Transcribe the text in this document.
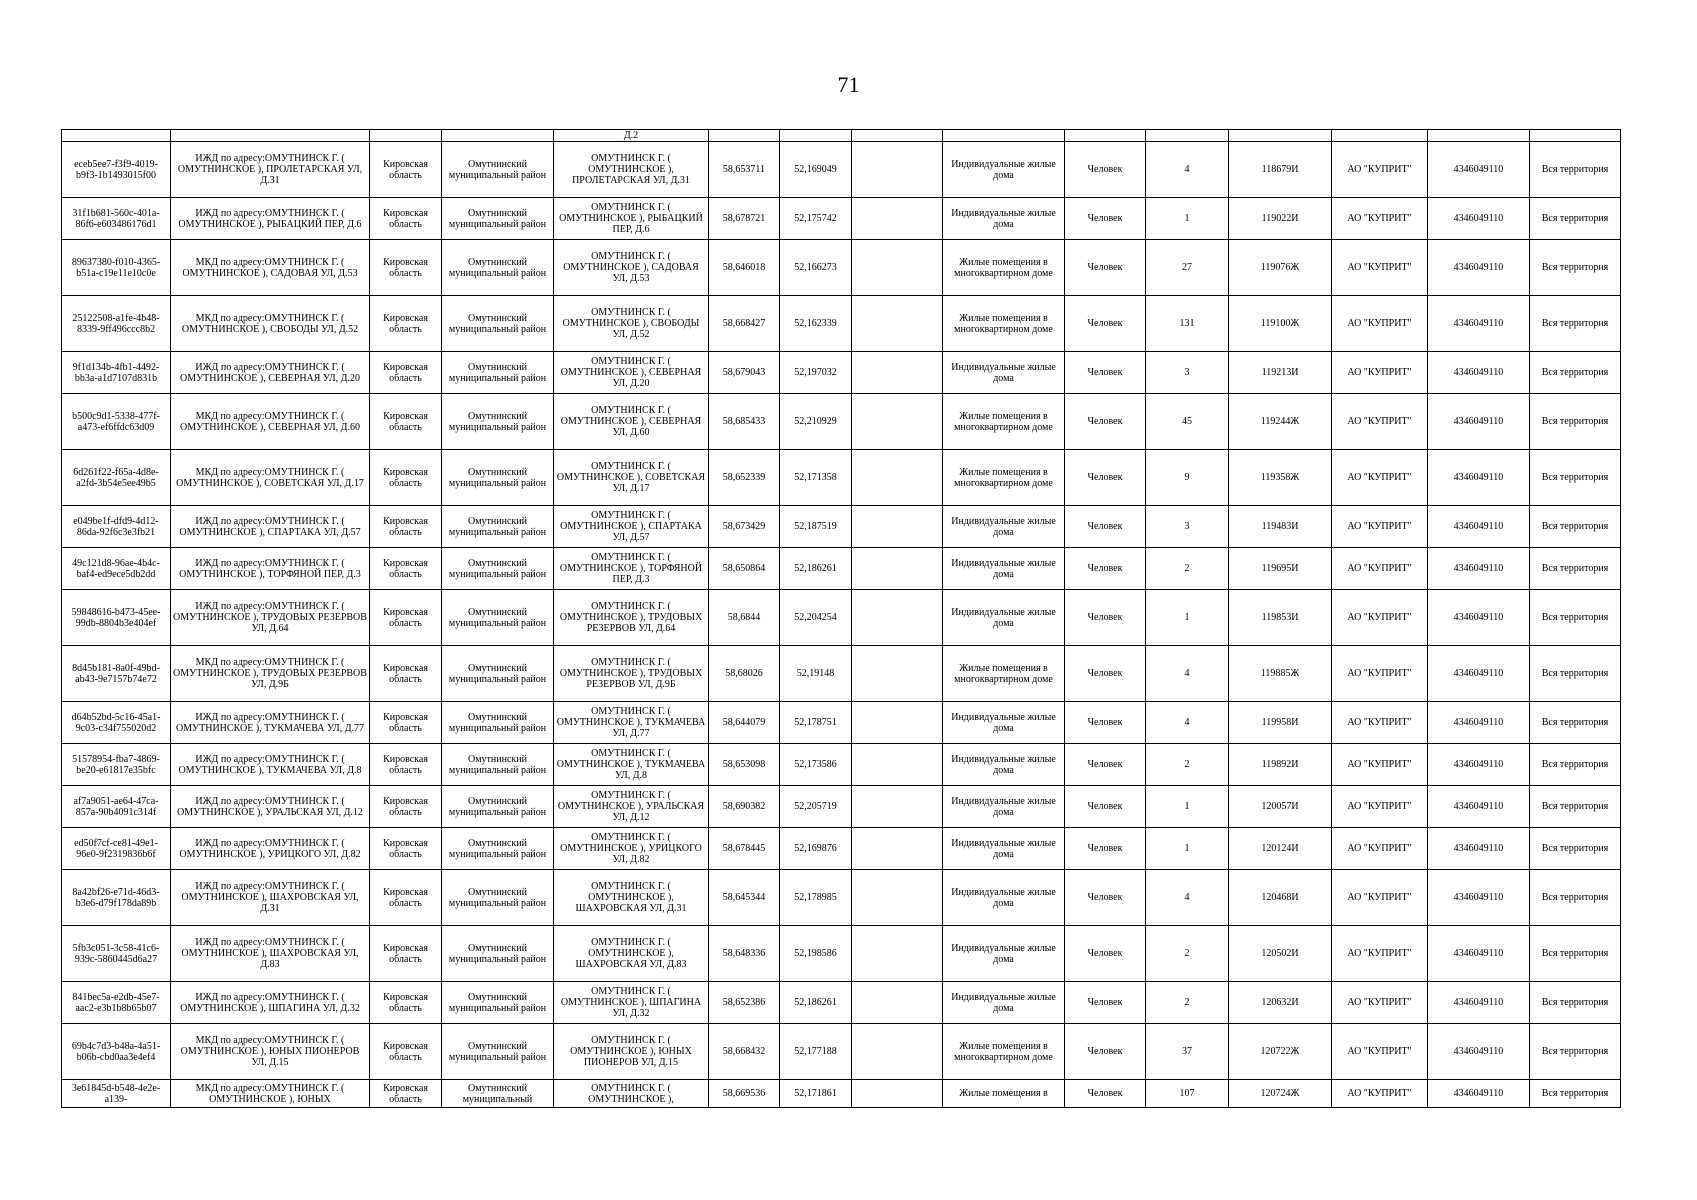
71
				Д.2										
eceb5ee7-f3f9-4019-b9f3-1b1493015f00	ИЖД по адресу:ОМУТНИНСК Г. ( ОМУТНИНСКОЕ ), ПРОЛЕТАРСКАЯ УЛ, Д.31	Кировская область	Омутнинский муниципальный район	ОМУТНИНСК Г. ( ОМУТНИНСКОЕ ), ПРОЛЕТАРСКАЯ УЛ, Д.31	58,653711	52,169049		Индивидуальные жилые дома	Человек	4	118679И	АО "КУПРИТ"	4346049110	Вся территория
31f1b681-560c-401a-86f6-e603486176d1	ИЖД по адресу:ОМУТНИНСК Г. ( ОМУТНИНСКОЕ ), РЫБАЦКИЙ ПЕР, Д.6	Кировская область	Омутнинский муниципальный район	ОМУТНИНСК Г. ( ОМУТНИНСКОЕ ), РЫБАЦКИЙ ПЕР, Д.6	58,678721	52,175742		Индивидуальные жилые дома	Человек	1	119022И	АО "КУПРИТ"	4346049110	Вся территория
89637380-f010-4365-b51a-c19e11e10c0e	МКД по адресу:ОМУТНИНСК Г. ( ОМУТНИНСКОЕ ), САДОВАЯ УЛ, Д.53	Кировская область	Омутнинский муниципальный район	ОМУТНИНСК Г. ( ОМУТНИНСКОЕ ), САДОВАЯ УЛ, Д.53	58,646018	52,166273		Жилые помещения в многоквартирном доме	Человек	27	119076Ж	АО "КУПРИТ"	4346049110	Вся территория
25122508-a1fe-4b48-8339-9ff496ccc8b2	МКД по адресу:ОМУТНИНСК Г. ( ОМУТНИНСКОЕ ), СВОБОДЫ УЛ, Д.52	Кировская область	Омутнинский муниципальный район	ОМУТНИНСК Г. ( ОМУТНИНСКОЕ ), СВОБОДЫ УЛ, Д.52	58,668427	52,162339		Жилые помещения в многоквартирном доме	Человек	131	119100Ж	АО "КУПРИТ"	4346049110	Вся территория
9f1d134b-4fb1-4492-bb3a-a1d7107d831b	ИЖД по адресу:ОМУТНИНСК Г. ( ОМУТНИНСКОЕ ), СЕВЕРНАЯ УЛ, Д.20	Кировская область	Омутнинский муниципальный район	ОМУТНИНСК Г. ( ОМУТНИНСКОЕ ), СЕВЕРНАЯ УЛ, Д.20	58,679043	52,197032		Индивидуальные жилые дома	Человек	3	119213И	АО "КУПРИТ"	4346049110	Вся территория
b500c9d1-5338-477f-a473-ef6ffdc63d09	МКД по адресу:ОМУТНИНСК Г. ( ОМУТНИНСКОЕ ), СЕВЕРНАЯ УЛ, Д.60	Кировская область	Омутнинский муниципальный район	ОМУТНИНСК Г. ( ОМУТНИНСКОЕ ), СЕВЕРНАЯ УЛ, Д.60	58,685433	52,210929		Жилые помещения в многоквартирном доме	Человек	45	119244Ж	АО "КУПРИТ"	4346049110	Вся территория
6d261f22-f65a-4d8e-a2fd-3b54e5ee49b5	МКД по адресу:ОМУТНИНСК Г. ( ОМУТНИНСКОЕ ), СОВЕТСКАЯ УЛ, Д.17	Кировская область	Омутнинский муниципальный район	ОМУТНИНСК Г. ( ОМУТНИНСКОЕ ), СОВЕТСКАЯ УЛ, Д.17	58,652339	52,171358		Жилые помещения в многоквартирном доме	Человек	9	119358Ж	АО "КУПРИТ"	4346049110	Вся территория
e049be1f-dfd9-4d12-86da-92f6c3e3fb21	ИЖД по адресу:ОМУТНИНСК Г. ( ОМУТНИНСКОЕ ), СПАРТАКА УЛ, Д.57	Кировская область	Омутнинский муниципальный район	ОМУТНИНСК Г. ( ОМУТНИНСКОЕ ), СПАРТАКА УЛ, Д.57	58,673429	52,187519		Индивидуальные жилые дома	Человек	3	119483И	АО "КУПРИТ"	4346049110	Вся территория
49c121d8-96ae-4b4c-baf4-ed9ece5db2dd	ИЖД по адресу:ОМУТНИНСК Г. ( ОМУТНИНСКОЕ ), ТОРФЯНОЙ ПЕР, Д.3	Кировская область	Омутнинский муниципальный район	ОМУТНИНСК Г. ( ОМУТНИНСКОЕ ), ТОРФЯНОЙ ПЕР, Д.3	58,650864	52,186261		Индивидуальные жилые дома	Человек	2	119695И	АО "КУПРИТ"	4346049110	Вся территория
59848616-b473-45ee-99db-8804b3e404ef	ИЖД по адресу:ОМУТНИНСК Г. ( ОМУТНИНСКОЕ ), ТРУДОВЫХ РЕЗЕРВОВ УЛ, Д.64	Кировская область	Омутнинский муниципальный район	ОМУТНИНСК Г. ( ОМУТНИНСКОЕ ), ТРУДОВЫХ РЕЗЕРВОВ УЛ, Д.64	58,6844	52,204254		Индивидуальные жилые дома	Человек	1	119853И	АО "КУПРИТ"	4346049110	Вся территория
8d45b181-8a0f-49bd-ab43-9e7157b74e72	МКД по адресу:ОМУТНИНСК Г. ( ОМУТНИНСКОЕ ), ТРУДОВЫХ РЕЗЕРВОВ УЛ, Д.9Б	Кировская область	Омутнинский муниципальный район	ОМУТНИНСК Г. ( ОМУТНИНСКОЕ ), ТРУДОВЫХ РЕЗЕРВОВ УЛ, Д.9Б	58,68026	52,19148		Жилые помещения в многоквартирном доме	Человек	4	119885Ж	АО "КУПРИТ"	4346049110	Вся территория
d64b52bd-5c16-45a1-9c03-c34f755020d2	ИЖД по адресу:ОМУТНИНСК Г. ( ОМУТНИНСКОЕ ), ТУКМАЧЕВА УЛ, Д.77	Кировская область	Омутнинский муниципальный район	ОМУТНИНСК Г. ( ОМУТНИНСКОЕ ), ТУКМАЧЕВА УЛ, Д.77	58,644079	52,178751		Индивидуальные жилые дома	Человек	4	119958И	АО "КУПРИТ"	4346049110	Вся территория
51578954-fba7-4869-be20-e61817e35bfc	ИЖД по адресу:ОМУТНИНСК Г. ( ОМУТНИНСКОЕ ), ТУКМАЧЕВА УЛ, Д.8	Кировская область	Омутнинский муниципальный район	ОМУТНИНСК Г. ( ОМУТНИНСКОЕ ), ТУКМАЧЕВА УЛ, Д.8	58,653098	52,173586		Индивидуальные жилые дома	Человек	2	119892И	АО "КУПРИТ"	4346049110	Вся территория
af7a9051-ae64-47ca-857a-90b4091c314f	ИЖД по адресу:ОМУТНИНСК Г. ( ОМУТНИНСКОЕ ), УРАЛЬСКАЯ УЛ, Д.12	Кировская область	Омутнинский муниципальный район	ОМУТНИНСК Г. ( ОМУТНИНСКОЕ ), УРАЛЬСКАЯ УЛ, Д.12	58,690382	52,205719		Индивидуальные жилые дома	Человек	1	120057И	АО "КУПРИТ"	4346049110	Вся территория
ed50f7cf-ce81-49e1-96e0-9f2319836b6f	ИЖД по адресу:ОМУТНИНСК Г. ( ОМУТНИНСКОЕ ), УРИЦКОГО УЛ, Д.82	Кировская область	Омутнинский муниципальный район	ОМУТНИНСК Г. ( ОМУТНИНСКОЕ ), УРИЦКОГО УЛ, Д.82	58,678445	52,169876		Индивидуальные жилые дома	Человек	1	120124И	АО "КУПРИТ"	4346049110	Вся территория
8a42bf26-e71d-46d3-b3e6-d79f178da89b	ИЖД по адресу:ОМУТНИНСК Г. ( ОМУТНИНСКОЕ ), ШАХРОВСКАЯ УЛ, Д.31	Кировская область	Омутнинский муниципальный район	ОМУТНИНСК Г. ( ОМУТНИНСКОЕ ), ШАХРОВСКАЯ УЛ, Д.31	58,645344	52,178985		Индивидуальные жилые дома	Человек	4	120468И	АО "КУПРИТ"	4346049110	Вся территория
5fb3c051-3c58-41c6-939c-5860445d6a27	ИЖД по адресу:ОМУТНИНСК Г. ( ОМУТНИНСКОЕ ), ШАХРОВСКАЯ УЛ, Д.83	Кировская область	Омутнинский муниципальный район	ОМУТНИНСК Г. ( ОМУТНИНСКОЕ ), ШАХРОВСКАЯ УЛ, Д.83	58,648336	52,198586		Индивидуальные жилые дома	Человек	2	120502И	АО "КУПРИТ"	4346049110	Вся территория
841bec5a-e2db-45e7-aac2-e3b1b8b65b07	ИЖД по адресу:ОМУТНИНСК Г. ( ОМУТНИНСКОЕ ), ШПАГИНА УЛ, Д.32	Кировская область	Омутнинский муниципальный район	ОМУТНИНСК Г. ( ОМУТНИНСКОЕ ), ШПАГИНА УЛ, Д.32	58,652386	52,186261		Индивидуальные жилые дома	Человек	2	120632И	АО "КУПРИТ"	4346049110	Вся территория
69b4c7d3-b48a-4a51-b06b-cbd0aa3e4ef4	МКД по адресу:ОМУТНИНСК Г. ( ОМУТНИНСКОЕ ), ЮНЫХ ПИОНЕРОВ УЛ, Д.15	Кировская область	Омутнинский муниципальный район	ОМУТНИНСК Г. ( ОМУТНИНСКОЕ ), ЮНЫХ ПИОНЕРОВ УЛ, Д.15	58,668432	52,177188		Жилые помещения в многоквартирном доме	Человек	37	120722Ж	АО "КУПРИТ"	4346049110	Вся территория
3e61845d-b548-4e2e-a139-	МКД по адресу:ОМУТНИНСК Г. ( ОМУТНИНСКОЕ ), ЮНЫХ	Кировская область	Омутнинский муниципальный	ОМУТНИНСК Г. ( ОМУТНИНСКОЕ ),	58,669536	52,171861		Жилые помещения в	Человек	107	120724Ж	АО "КУПРИТ"	4346049110	Вся территория
